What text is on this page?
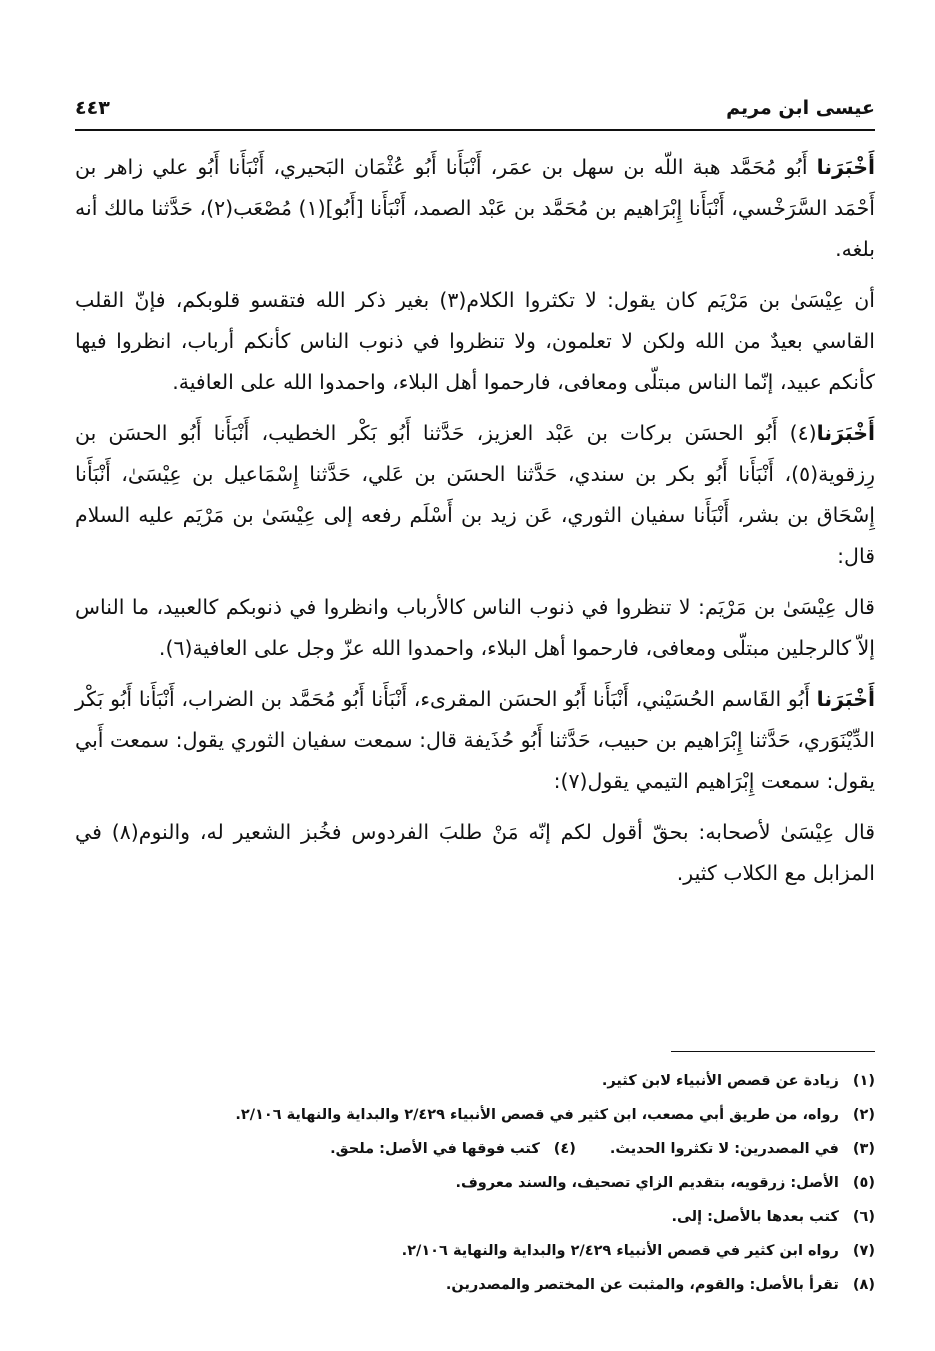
عيسى ابن مريم
٤٤٣

أَخْبَرَنا أَبُو مُحَمَّد هبة اللّه بن سهل بن عمَر، أَنْبَأَنا أَبُو عُثْمَان البَحيري، أَنْبَأَنا أَبُو علي زاهر بن أَحْمَد السَّرَخْسي، أَنْبَأَنا إِبْرَاهيم بن مُحَمَّد بن عَبْد الصمد، أَنْبَأَنا [أَبُو](١) مُصْعَب(٢)، حَدَّثنا مالك أنه بلغه.

أن عِيْسَىٰ بن مَرْيَم كان يقول: لا تكثروا الكلام(٣) بغير ذكر الله فتقسو قلوبكم، فإنّ القلب القاسي بعيدٌ من الله ولكن لا تعلمون، ولا تنظروا في ذنوب الناس كأنكم أرباب، انظروا فيها كأنكم عبيد، إنّما الناس مبتلّى ومعافى، فارحموا أهل البلاء، واحمدوا الله على العافية.

أَخْبَرَنا(٤) أَبُو الحسَن بركات بن عَبْد العزيز، حَدَّثنا أَبُو بَكْر الخطيب، أَنْبَأَنا أَبُو الحسَن بن رِزقوية(٥)، أَنْبَأَنا أَبُو بكر بن سندي، حَدَّثنا الحسَن بن عَلي، حَدَّثنا إِسْمَاعيل بن عِيْسَىٰ، أَنْبَأَنا إِسْحَاق بن بشر، أَنْبَأَنا سفيان الثوري، عَن زيد بن أَسْلَم رفعه إلى عِيْسَىٰ بن مَرْيَم عليه السلام قال:

قال عِيْسَىٰ بن مَرْيَم: لا تنظروا في ذنوب الناس كالأرباب وانظروا في ذنوبكم كالعبيد، ما الناس إلاّ كالرجلين مبتلّى ومعافى، فارحموا أهل البلاء، واحمدوا الله عزّ وجل على العافية(٦).

أَخْبَرَنا أَبُو القَاسم الحُسَيْني، أَنْبَأَنا أَبُو الحسَن المقرىء، أَنْبَأَنا أَبُو مُحَمَّد بن الضراب، أَنْبَأَنا أَبُو بَكْر الدِّيْنَوَري، حَدَّثنا إِبْرَاهيم بن حبيب، حَدَّثنا أَبُو حُذَيفة قال: سمعت سفيان الثوري يقول: سمعت أَبي يقول: سمعت إِبْرَاهيم التيمي يقول(٧):

قال عِيْسَىٰ لأصحابه: بحقّ أقول لكم إنّه مَنْ طلبَ الفردوس فخُبز الشعير له، والنوم(٨) في المزابل مع الكلاب كثير.

(١)زيادة عن قصص الأنبياء لابن كثير.
(٢)رواه، من طريق أبي مصعب، ابن كثير في قصص الأنبياء ٢/٤٢٩ والبداية والنهاية ٢/١٠٦.
(٣)في المصدرين: لا تكثروا الحديث.(٤)كتب فوقها في الأصل: ملحق.
(٥)الأصل: زرقويه، بتقديم الزاي تصحيف، والسند معروف.
(٦)كتب بعدها بالأصل: إلى.
(٧)رواه ابن كثير في قصص الأنبياء ٢/٤٢٩ والبداية والنهاية ٢/١٠٦.
(٨)تقرأ بالأصل: والقوم، والمثبت عن المختصر والمصدرين.
